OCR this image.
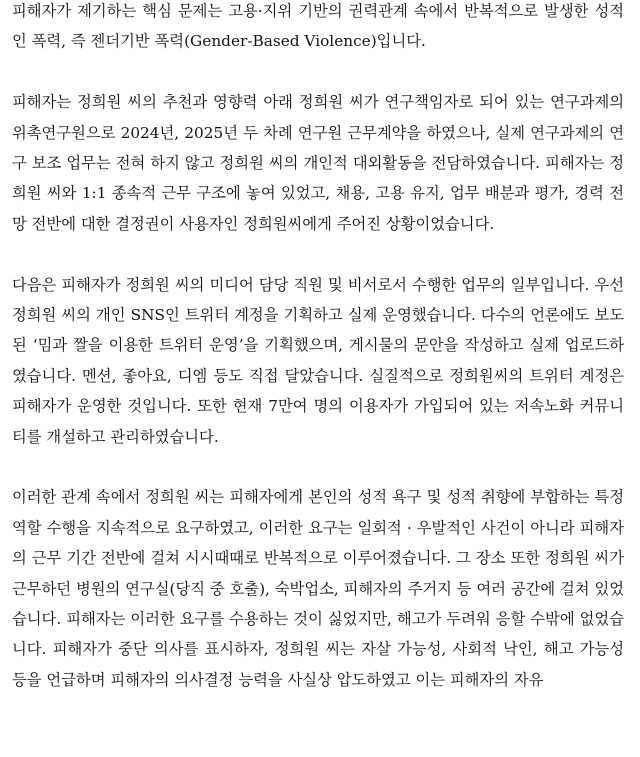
피해자가 제기하는 핵심 문제는 고용·지위 기반의 권력관계 속에서 반복적으로 발생한 성적인 폭력, 즉 젠더기반 폭력(Gender-Based Violence)입니다.

피해자는 정희원 씨의 추천과 영향력 아래 정희원 씨가 연구책임자로 되어 있는 연구과제의 위촉연구원으로 2024년, 2025년 두 차례 연구원 근무계약을 하였으나, 실제 연구과제의 연구 보조 업무는 전혀 하지 않고 정희원 씨의 개인적 대외활동을 전담하였습니다. 피해자는 정희원 씨와 1:1 종속적 근무 구조에 놓여 있었고, 채용, 고용 유지, 업무 배분과 평가, 경력 전망 전반에 대한 결정권이 사용자인 정희원씨에게 주어진 상황이었습니다.

다음은 피해자가 정희원 씨의 미디어 담당 직원 및 비서로서 수행한 업무의 일부입니다. 우선 정희원 씨의 개인 SNS인 트위터 계정을 기획하고 실제 운영했습니다. 다수의 언론에도 보도된 ‘밈과 짤을 이용한 트위터 운영’을 기획했으며, 게시물의 문안을 작성하고 실제 업로드하였습니다. 멘션, 좋아요, 디엠 등도 직접 달았습니다. 실질적으로 정희원씨의 트위터 계정은 피해자가 운영한 것입니다. 또한 현재 7만여 명의 이용자가 가입되어 있는 저속노화 커뮤니티를 개설하고 관리하였습니다.

이러한 관계 속에서 정희원 씨는 피해자에게 본인의 성적 욕구 및 성적 취향에 부합하는 특정 역할 수행을 지속적으로 요구하였고, 이러한 요구는 일회적 · 우발적인 사건이 아니라 피해자의 근무 기간 전반에 걸쳐 시시때때로 반복적으로 이루어졌습니다. 그 장소 또한 정희원 씨가 근무하던 병원의 연구실(당직 중 호출), 숙박업소, 피해자의 주거지 등 여러 공간에 걸쳐 있었습니다. 피해자는 이러한 요구를 수용하는 것이 싫었지만, 해고가 두려워 응할 수밖에 없었습니다. 피해자가 중단 의사를 표시하자, 정희원 씨는 자살 가능성, 사회적 낙인, 해고 가능성 등을 언급하며 피해자의 의사결정 능력을 사실상 압도하였고 이는 피해자의 자유
